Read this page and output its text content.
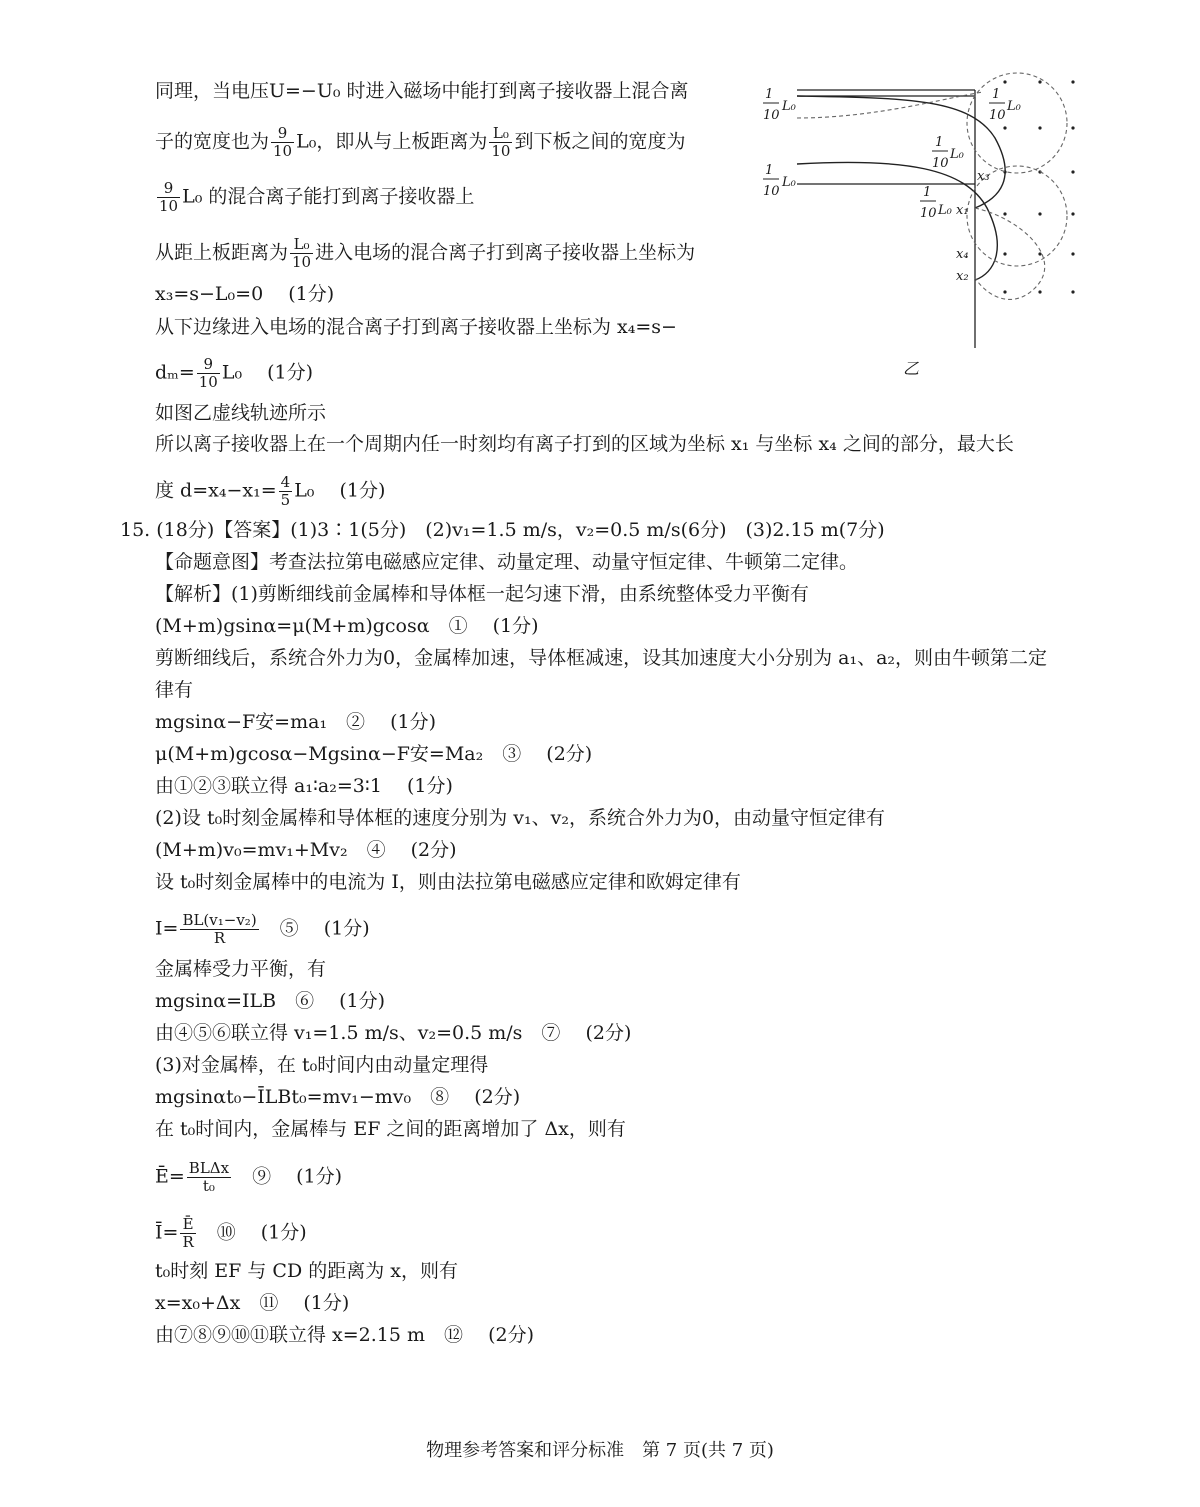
同理，当电压U=−U₀ 时进入磁场中能打到离子接收器上混合离
子的宽度也为 $\frac{9}{10} L_0$，即从与上板距离为 $\frac{\text{L₀}}{10}$ 到下板之间的宽度为
$\frac{9}{10} L_0$ 的混合离子能打到离子接收器上
从距上板距离为 $\frac{\text{L₀}}{10}$ 进入电场的混合离子打到离子接收器上坐标为
x₃=s−L₀=0　 (1分)
从下边缘进入电场的混合离子打到离子接收器上坐标为 x₄=s−
$d_m= \frac{9}{10} L_0$　 (1分)
如图乙虚线轨迹所示
所以离子接收器上在一个周期内任一时刻均有离子打到的区域为坐标 x₁ 与坐标 x₄ 之间的部分，最大长
度 $d=x_4-x_1= \frac{4}{5} L_0$　 (1分)
1
10
L₀
1
10
L₀
1
10
L₀
x₃
1
10
L₀
1
10 L₀ x₁
x₄
x₂
乙
15. (18分)【答案】(1)3∶1(5分)　(2)v₁=1.5 m/s，v₂=0.5 m/s(6分)　(3)2.15 m(7分)
【命题意图】考查法拉第电磁感应定律、动量定理、动量守恒定律、牛顿第二定律。
【解析】(1)剪断细线前金属棒和导体框一起匀速下滑，由系统整体受力平衡有
(M+m)gsinα=μ(M+m)gcosα　①　 (1分)
剪断细线后，系统合外力为0，金属棒加速，导体框减速，设其加速度大小分别为 a₁、a₂，则由牛顿第二定
律有
mgsinα−F安=ma₁　②　 (1分)
μ(M+m)gcosα−Mgsinα−F安=Ma₂　③　 (2分)
由①②③联立得 a₁∶a₂=3∶1　 (1分)
(2)设 t₀时刻金属棒和导体框的速度分别为 v₁、v₂，系统合外力为0，由动量守恒定律有
(M+m)v₀=mv₁+Mv₂　④　 (2分)
设 t₀时刻金属棒中的电流为 I，则由法拉第电磁感应定律和欧姆定律有
$I= \frac{\text{BL(v₁−v₂)}}{R}$ 　⑤　 (1分)
金属棒受力平衡，有
mgsinα=ILB　⑥　 (1分)
由④⑤⑥联立得 v₁=1.5 m/s、v₂=0.5 m/s　⑦　 (2分)
(3)对金属棒，在 t₀时间内由动量定理得
mgsinαt₀−ĪLBt₀=mv₁−mv₀　⑧　 (2分)
在 t₀时间内，金属棒与 EF 之间的距离增加了 Δx，则有
Ē= $\frac{\text{BLΔx}}{\text{t₀}}$ 　⑨　 (1分)
Ī= $\frac{Ē}{R}$ 　⑩　 (1分)
t₀时刻 EF 与 CD 的距离为 x，则有
x=x₀+Δx　⑪　 (1分)
由⑦⑧⑨⑩⑪联立得 x=2.15 m　⑫　 (2分)
物理参考答案和评分标准　第 7 页(共 7 页)
